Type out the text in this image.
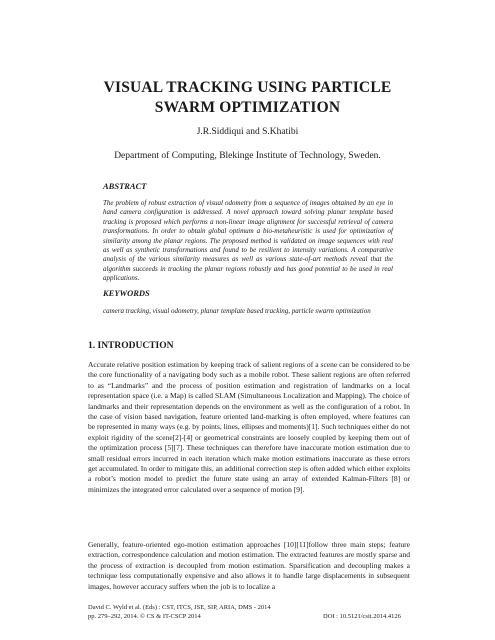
VISUAL TRACKING USING PARTICLE
SWARM OPTIMIZATION

J.R.Siddiqui and S.Khatibi

Department of Computing, Blekinge Institute of Technology, Sweden.

ABSTRACT

The problem of robust extraction of visual odometry from a sequence of images obtained by an eye in hand camera configuration is addressed. A novel approach toward solving planar template based tracking is proposed which performs a non-linear image alignment for successful retrieval of camera transformations. In order to obtain global optimum a bio-metaheuristic is used for optimization of similarity among the planar regions. The proposed method is validated on image sequences with real as well as synthetic transformations and found to be resilient to intensity variations. A comparative analysis of the various similarity measures as well as various state-of-art methods reveal that the algorithm succeeds in tracking the planar regions robustly and has good potential to be used in real applications.

KEYWORDS

camera tracking, visual odometry, planar template based tracking, particle swarm optimization

1. INTRODUCTION

Accurate relative position estimation by keeping track of salient regions of a scene can be considered to be the core functionality of a navigating body such as a mobile robot. These salient regions are often referred to as “Landmarks” and the process of position estimation and registration of landmarks on a local representation space (i.e. a Map) is called SLAM (Simultaneous Localization and Mapping). The choice of landmarks and their representation depends on the environment as well as the configuration of a robot. In the case of vision based navigation, feature oriented land-marking is often employed, where features can be represented in many ways (e.g. by points, lines, ellipses and moments)[1]. Such techniques either do not exploit rigidity of the scene[2]-[4] or geometrical constraints are loosely coupled by keeping them out of the optimization process [5][7]. These techniques can therefore have inaccurate motion estimation due to small residual errors incurred in each iteration which make motion estimations inaccurate as these errors get accumulated. In order to mitigate this, an additional correction step is often added which either exploits a robot’s motion model to predict the future state using an array of extended Kalman-Filters [8] or minimizes the integrated error calculated over a sequence of motion [9].

Generally, feature-oriented ego-motion estimation approaches [10][11]follow three main steps; feature extraction, correspondence calculation and motion estimation. The extracted features are mostly sparse and the process of extraction is decoupled from motion estimation. Sparsification and decoupling makes a technique less computationally expensive and also allows it to handle large displacements in subsequent images, however accuracy suffers when the job is to localize a

David C. Wyld et al. (Eds) : CST, ITCS, JSE, SIP, ARIA, DMS - 2014
pp. 279–292, 2014. © CS & IT-CSCP 2014	DOI : 10.5121/csit.2014.4126
